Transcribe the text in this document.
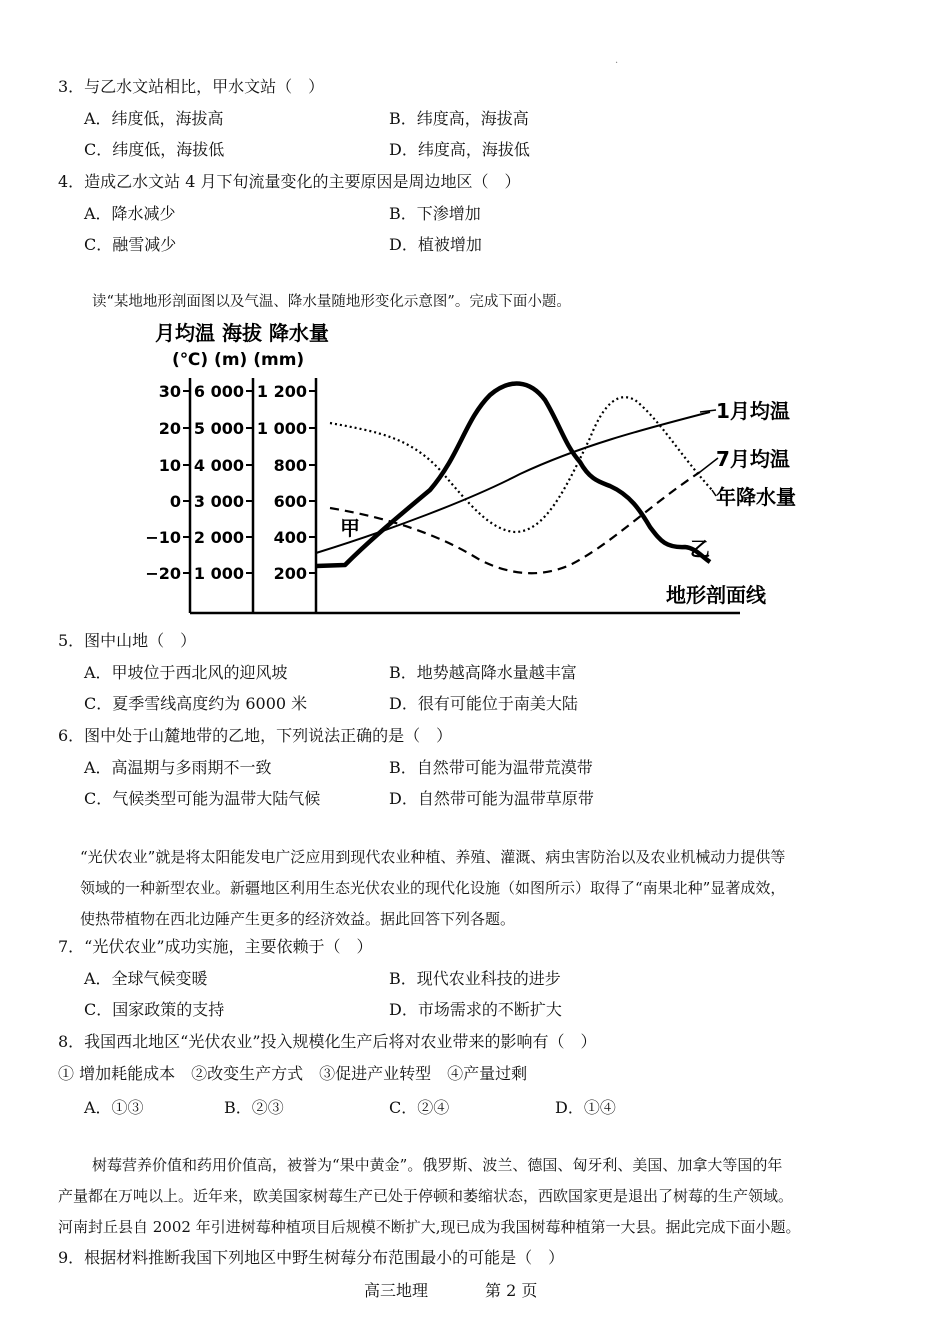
·
3．与乙水文站相比，甲水文站（　）
A．纬度低，海拔高	B．纬度高，海拔高
C．纬度低，海拔低	D．纬度高，海拔低
4．造成乙水文站 4 月下旬流量变化的主要原因是周边地区（　）
A．降水减少	B．下渗增加
C．融雪减少	D．植被增加
读“某地地形剖面图以及气温、降水量随地形变化示意图”。完成下面小题。
月均温 海拔 降水量
(℃) (m) (mm)
30
20
10
0
−10
−20
6 000
5 000
4 000
3 000
2 000
1 000
1 200
1 000
800
600
400
200
1月均温
7月均温
年降水量
地形剖面线
甲
乙
5．图中山地（　）
A．甲坡位于西北风的迎风坡	B．地势越高降水量越丰富
C．夏季雪线高度约为 6000 米	D．很有可能位于南美大陆
6．图中处于山麓地带的乙地，下列说法正确的是（　）
A．高温期与多雨期不一致	B．自然带可能为温带荒漠带
C．气候类型可能为温带大陆气候	D．自然带可能为温带草原带
“光伏农业”就是将太阳能发电广泛应用到现代农业种植、养殖、灌溉、病虫害防治以及农业机械动力提供等
领域的一种新型农业。新疆地区利用生态光伏农业的现代化设施（如图所示）取得了“南果北种”显著成效，
使热带植物在西北边陲产生更多的经济效益。据此回答下列各题。
7．“光伏农业”成功实施，主要依赖于（　）
A．全球气候变暖	B．现代农业科技的进步
C．国家政策的支持	D．市场需求的不断扩大
8．我国西北地区“光伏农业”投入规模化生产后将对农业带来的影响有（　）
① 增加耗能成本　②改变生产方式　③促进产业转型　④产量过剩
A．①③	B．②③	C．②④	D．①④
树莓营养价值和药用价值高，被誉为“果中黄金”。俄罗斯、波兰、德国、匈牙利、美国、加拿大等国的年
产量都在万吨以上。近年来，欧美国家树莓生产已处于停顿和萎缩状态，西欧国家更是退出了树莓的生产领域。
河南封丘县自 2002 年引进树莓种植项目后规模不断扩大,现已成为我国树莓种植第一大县。据此完成下面小题。
9．根据材料推断我国下列地区中野生树莓分布范围最小的可能是（　）
高三地理	第 2 页
